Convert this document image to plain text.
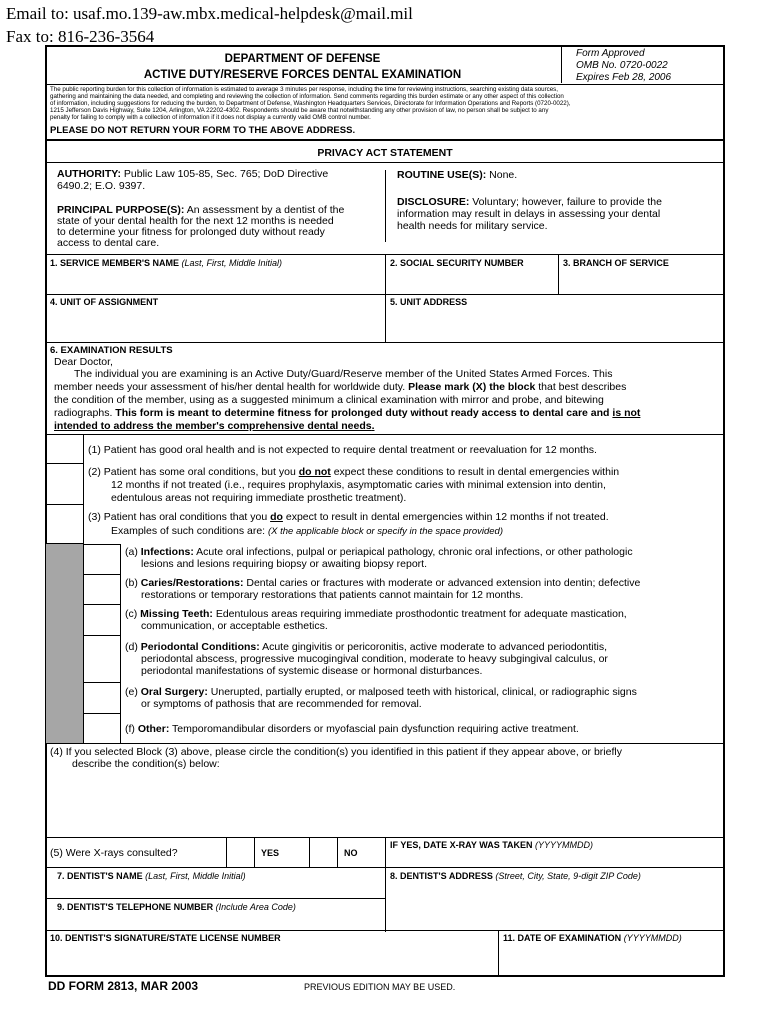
Email to: usaf.mo.139-aw.mbx.medical-helpdesk@mail.mil
Fax to: 816-236-3564
DEPARTMENT OF DEFENSE
ACTIVE DUTY/RESERVE FORCES DENTAL EXAMINATION
Form Approved
OMB No. 0720-0022
Expires Feb 28, 2006
The public reporting burden for this collection of information is estimated to average 3 minutes per response, including the time for reviewing instructions, searching existing data sources,
gathering and maintaining the data needed, and completing and reviewing the collection of information. Send comments regarding this burden estimate or any other aspect of this collection
of information, including suggestions for reducing the burden, to Department of Defense, Washington Headquarters Services, Directorate for Information Operations and Reports (0720-0022),
1215 Jefferson Davis Highway, Suite 1204, Arlington, VA 22202-4302. Respondents should be aware that notwithstanding any other provision of law, no person shall be subject to any
penalty for failing to comply with a collection of information if it does not display a currently valid OMB control number.
PLEASE DO NOT RETURN YOUR FORM TO THE ABOVE ADDRESS.
PRIVACY ACT STATEMENT
AUTHORITY: Public Law 105-85, Sec. 765; DoD Directive
6490.2; E.O. 9397.
PRINCIPAL PURPOSE(S): An assessment by a dentist of the
state of your dental health for the next 12 months is needed
to determine your fitness for prolonged duty without ready
access to dental care.
ROUTINE USE(S): None.
DISCLOSURE: Voluntary; however, failure to provide the
information may result in delays in assessing your dental
health needs for military service.
1. SERVICE MEMBER'S NAME (Last, First, Middle Initial)	2. SOCIAL SECURITY NUMBER	3. BRANCH OF SERVICE
4. UNIT OF ASSIGNMENT	5. UNIT ADDRESS
6. EXAMINATION RESULTS
Dear Doctor,
The individual you are examining is an Active Duty/Guard/Reserve member of the United States Armed Forces. This
member needs your assessment of his/her dental health for worldwide duty. Please mark (X) the block that best describes
the condition of the member, using as a suggested minimum a clinical examination with mirror and probe, and bitewing
radiographs. This form is meant to determine fitness for prolonged duty without ready access to dental care and is not
intended to address the member's comprehensive dental needs.
(1) Patient has good oral health and is not expected to require dental treatment or reevaluation for 12 months.
(2) Patient has some oral conditions, but you do not expect these conditions to result in dental emergencies within
12 months if not treated (i.e., requires prophylaxis, asymptomatic caries with minimal extension into dentin,
edentulous areas not requiring immediate prosthetic treatment).
(3) Patient has oral conditions that you do expect to result in dental emergencies within 12 months if not treated.
Examples of such conditions are: (X the applicable block or specify in the space provided)
(a) Infections: Acute oral infections, pulpal or periapical pathology, chronic oral infections, or other pathologic
lesions and lesions requiring biopsy or awaiting biopsy report.
(b) Caries/Restorations: Dental caries or fractures with moderate or advanced extension into dentin; defective
restorations or temporary restorations that patients cannot maintain for 12 months.
(c) Missing Teeth: Edentulous areas requiring immediate prosthodontic treatment for adequate mastication,
communication, or acceptable esthetics.
(d) Periodontal Conditions: Acute gingivitis or pericoronitis, active moderate to advanced periodontitis,
periodontal abscess, progressive mucogingival condition, moderate to heavy subgingival calculus, or
periodontal manifestations of systemic disease or hormonal disturbances.
(e) Oral Surgery: Unerupted, partially erupted, or malposed teeth with historical, clinical, or radiographic signs
or symptoms of pathosis that are recommended for removal.
(f) Other: Temporomandibular disorders or myofascial pain dysfunction requiring active treatment.
(4) If you selected Block (3) above, please circle the condition(s) you identified in this patient if they appear above, or briefly
describe the condition(s) below:
(5) Were X-rays consulted?	YES	NO
IF YES, DATE X-RAY WAS TAKEN (YYYYMMDD)
7. DENTIST'S NAME (Last, First, Middle Initial)	8. DENTIST'S ADDRESS (Street, City, State, 9-digit ZIP Code)
9. DENTIST'S TELEPHONE NUMBER (Include Area Code)
10. DENTIST'S SIGNATURE/STATE LICENSE NUMBER	11. DATE OF EXAMINATION (YYYYMMDD)
DD FORM 2813, MAR 2003	PREVIOUS EDITION MAY BE USED.
